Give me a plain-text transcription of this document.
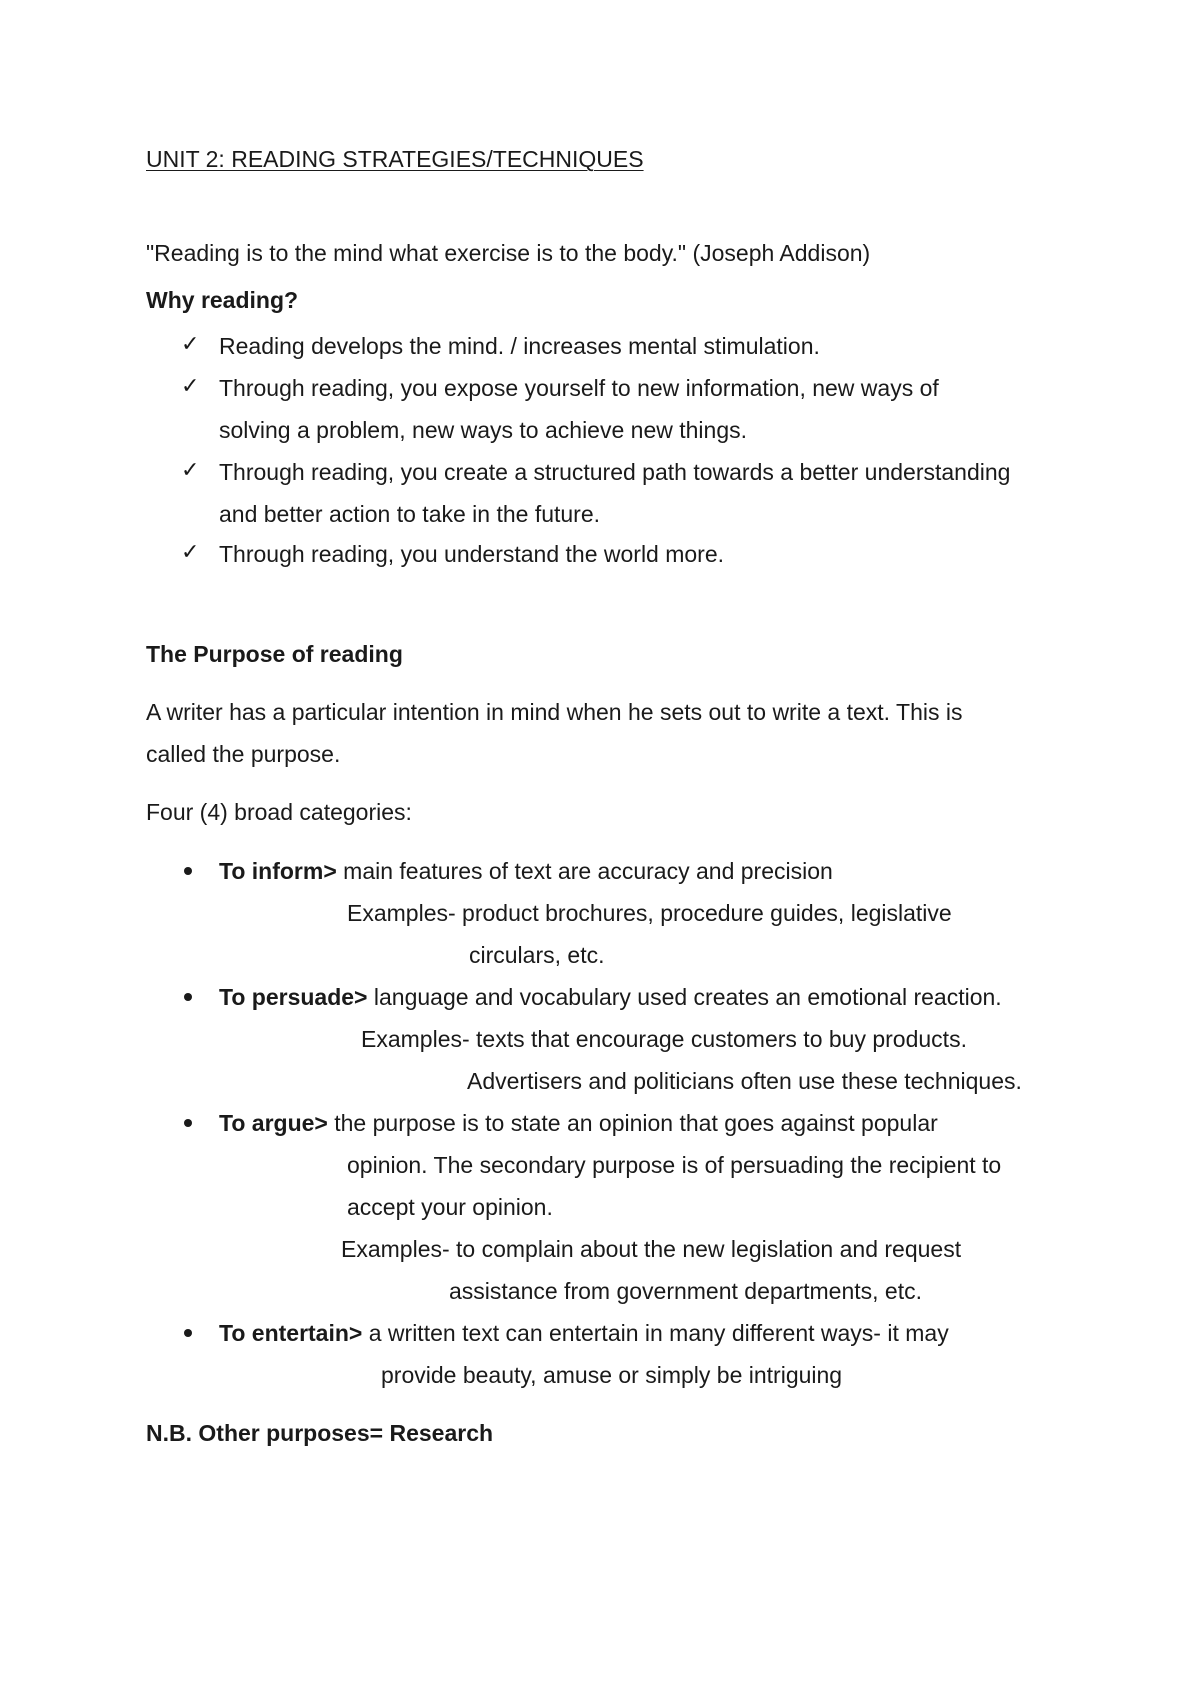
UNIT 2: READING STRATEGIES/TECHNIQUES
"Reading is to the mind what exercise is to the body." (Joseph Addison)
Why reading?
✓ Reading develops the mind. / increases mental stimulation.
✓ Through reading, you expose yourself to new information, new ways of
solving a problem, new ways to achieve new things.
✓ Through reading, you create a structured path towards a better understanding
and better action to take in the future.
✓ Through reading, you understand the world more.
The Purpose of reading
A writer has a particular intention in mind when he sets out to write a text. This is
called the purpose.
Four (4) broad categories:
To inform> main features of text are accuracy and precision
Examples- product brochures, procedure guides, legislative
circulars, etc.
To persuade> language and vocabulary used creates an emotional reaction.
Examples- texts that encourage customers to buy products.
Advertisers and politicians often use these techniques.
To argue> the purpose is to state an opinion that goes against popular
opinion. The secondary purpose is of persuading the recipient to
accept your opinion.
Examples- to complain about the new legislation and request
assistance from government departments, etc.
To entertain> a written text can entertain in many different ways- it may
provide beauty, amuse or simply be intriguing
N.B. Other purposes= Research
